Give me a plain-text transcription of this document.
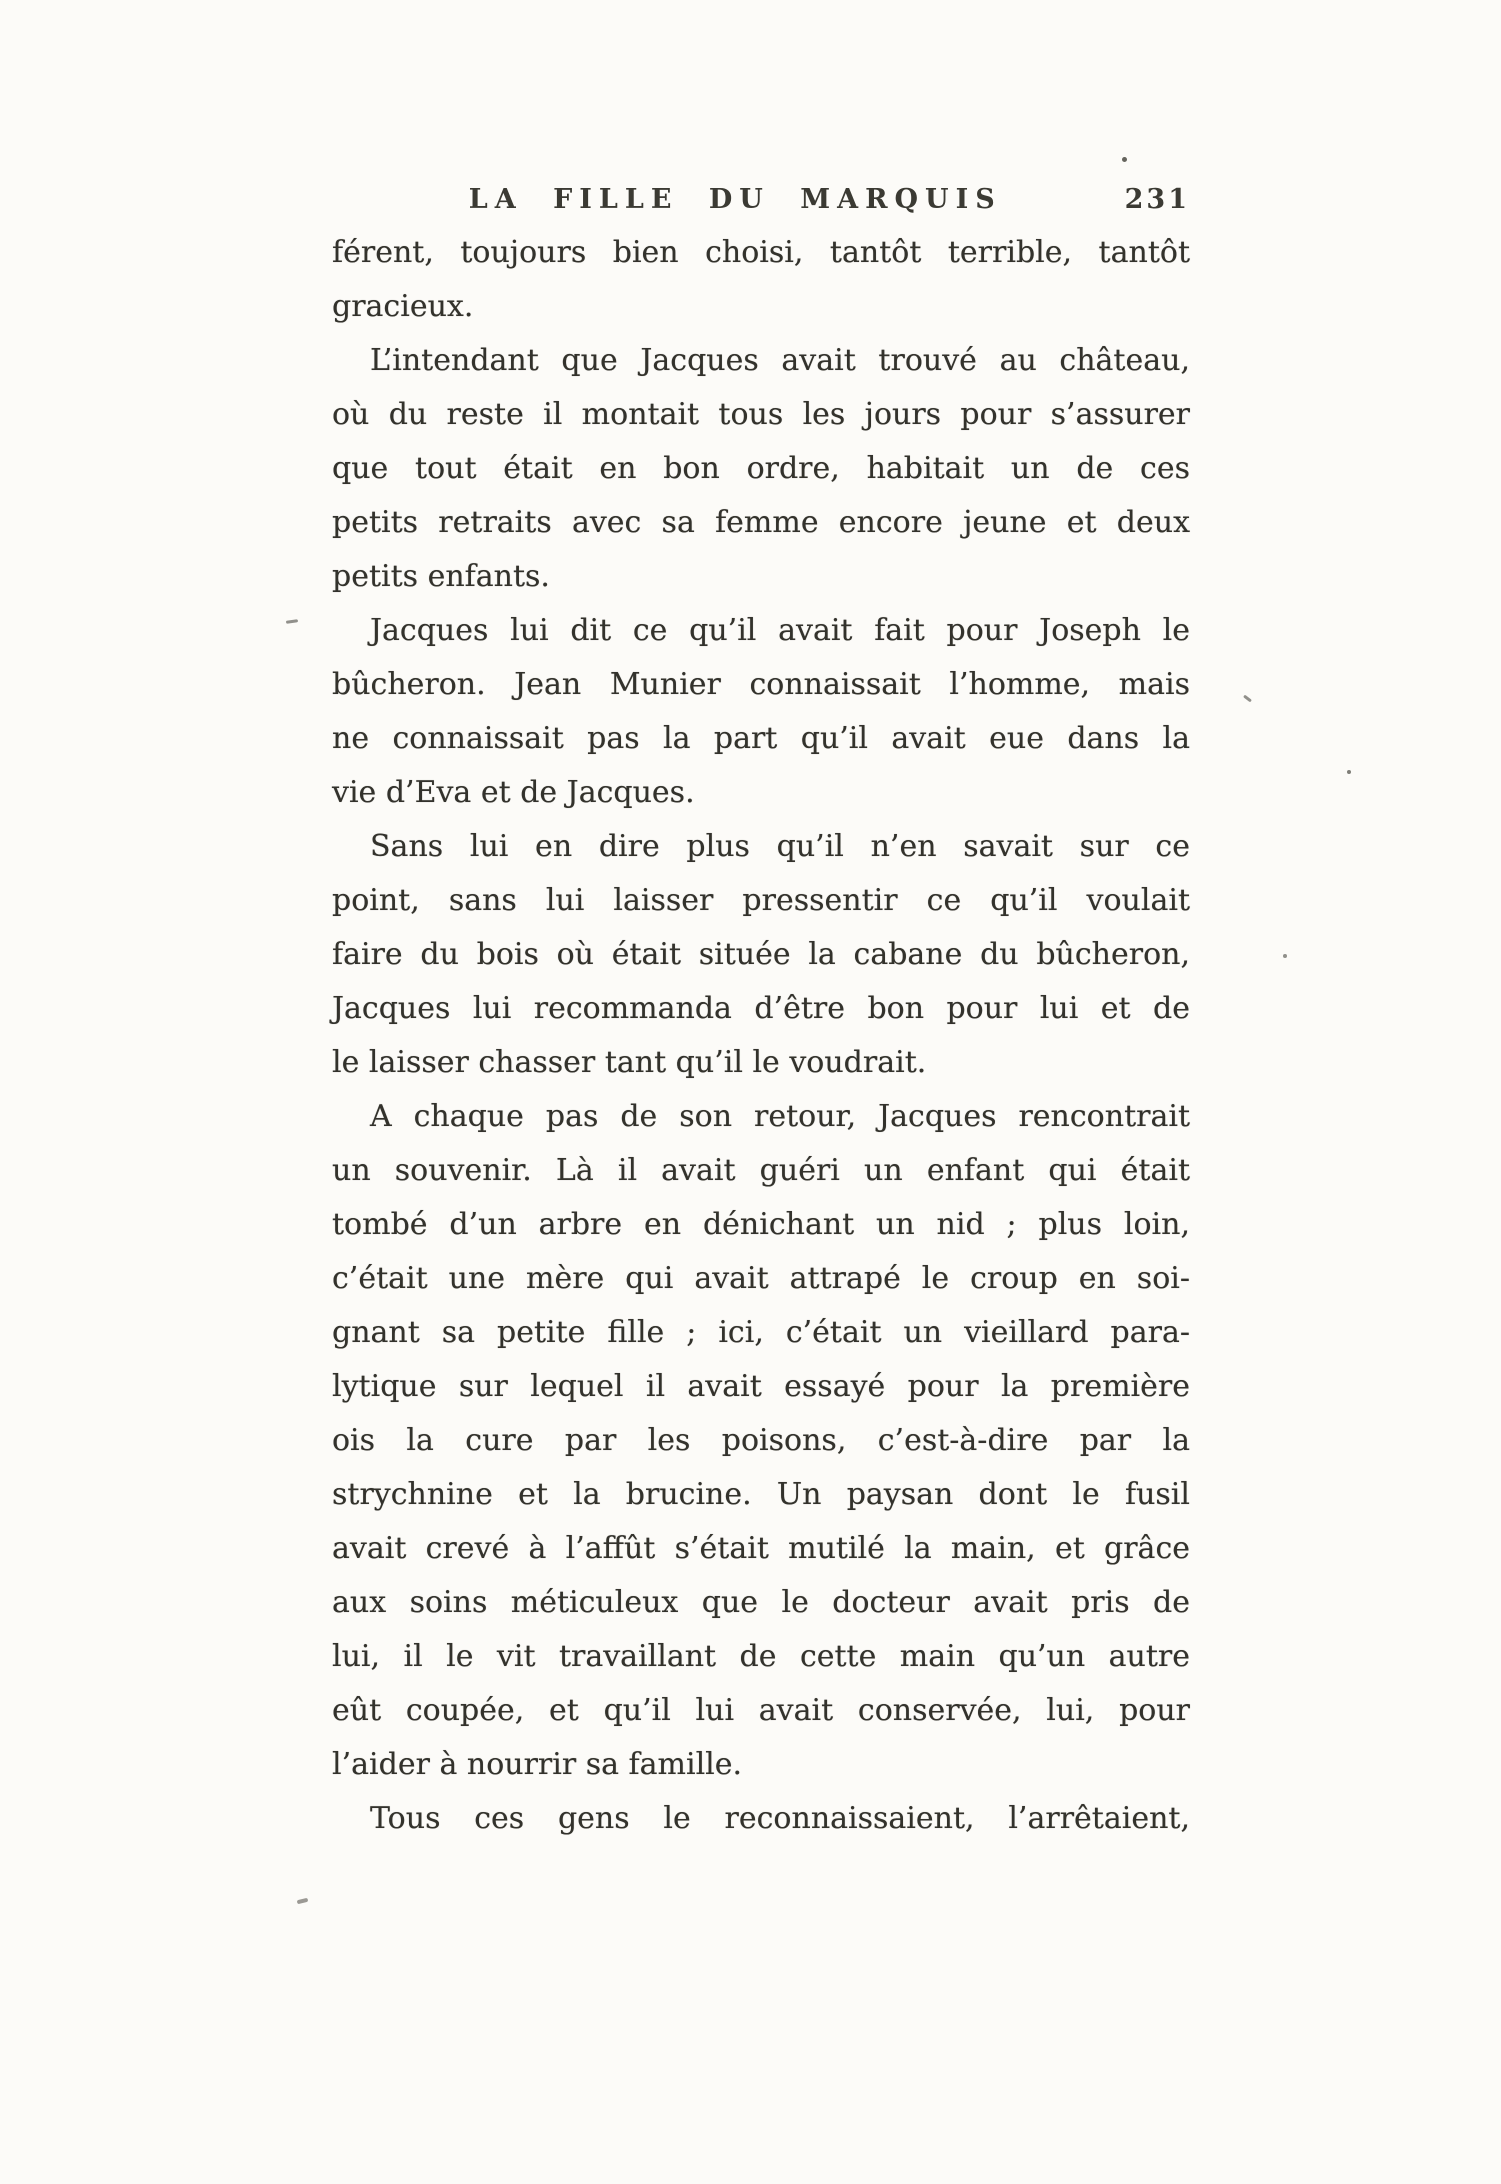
LA FILLE DU MARQUIS	231
férent, toujours bien choisi, tantôt terrible, tantôt
gracieux.
L’intendant que Jacques avait trouvé au château,
où du reste il montait tous les jours pour s’assurer
que tout était en bon ordre, habitait un de ces
petits retraits avec sa femme encore jeune et deux
petits enfants.
Jacques lui dit ce qu’il avait fait pour Joseph le
bûcheron. Jean Munier connaissait l’homme, mais
ne connaissait pas la part qu’il avait eue dans la
vie d’Eva et de Jacques.
Sans lui en dire plus qu’il n’en savait sur ce
point, sans lui laisser pressentir ce qu’il voulait
faire du bois où était située la cabane du bûcheron,
Jacques lui recommanda d’être bon pour lui et de
le laisser chasser tant qu’il le voudrait.
A chaque pas de son retour, Jacques rencontrait
un souvenir. Là il avait guéri un enfant qui était
tombé d’un arbre en dénichant un nid ; plus loin,
c’était une mère qui avait attrapé le croup en soi-
gnant sa petite fille ; ici, c’était un vieillard para-
lytique sur lequel il avait essayé pour la première
ois la cure par les poisons, c’est-à-dire par la
strychnine et la brucine. Un paysan dont le fusil
avait crevé à l’affût s’était mutilé la main, et grâce
aux soins méticuleux que le docteur avait pris de
lui, il le vit travaillant de cette main qu’un autre
eût coupée, et qu’il lui avait conservée, lui, pour
l’aider à nourrir sa famille.
Tous ces gens le reconnaissaient, l’arrêtaient,
